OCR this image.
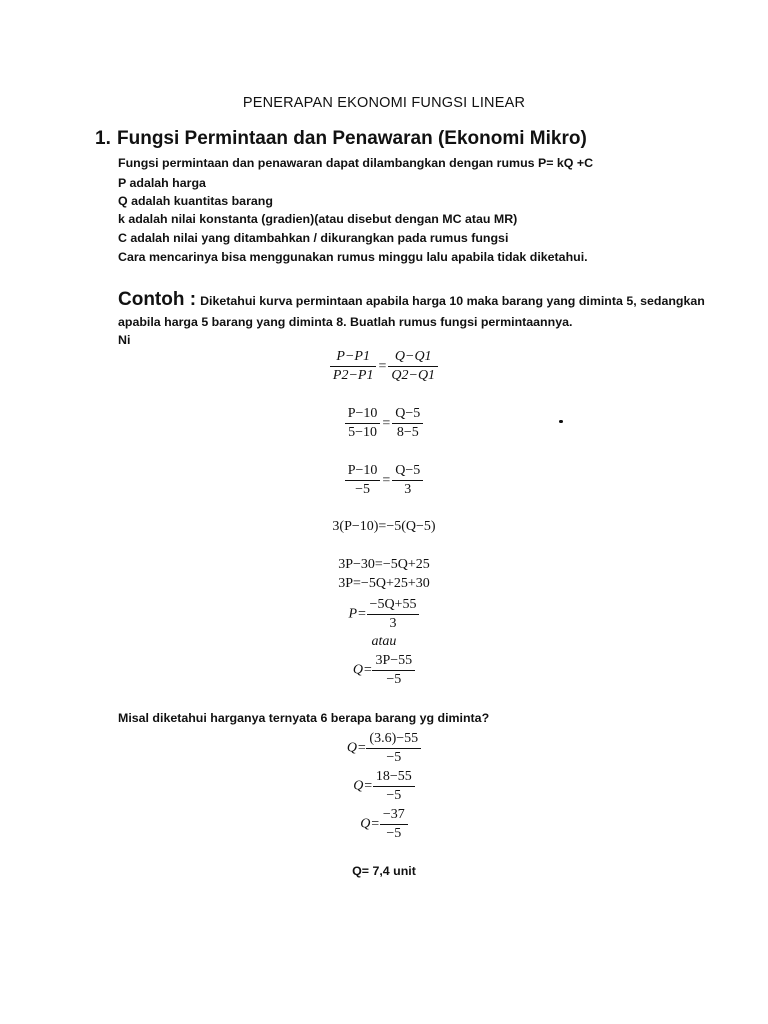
PENERAPAN EKONOMI FUNGSI LINEAR
1. Fungsi Permintaan dan Penawaran (Ekonomi Mikro)
Fungsi permintaan dan penawaran dapat dilambangkan dengan rumus P= kQ +C
P adalah harga
Q adalah kuantitas barang
k adalah nilai konstanta (gradien)(atau disebut dengan MC atau MR)
C adalah nilai yang ditambahkan / dikurangkan pada rumus fungsi
Cara mencarinya bisa menggunakan rumus minggu lalu apabila tidak diketahui.
Contoh : Diketahui kurva permintaan apabila harga 10 maka barang yang diminta 5, sedangkan
apabila harga 5 barang yang diminta 8. Buatlah rumus fungsi permintaannya.
Ni
$\frac{P-P1}{P2-P1} = \frac{Q-Q1}{Q2-Q1}$
$\frac{P-10}{5-10} = \frac{Q-5}{8-5}$
$\frac{P-10}{-5} = \frac{Q-5}{3}$
3(P−10)=−5(Q−5)
3P−30=−5Q+25
3P=−5Q+25+30
$P= \frac{-5Q+55}{3}$
atau
$Q= \frac{3P-55}{-5}$
Misal diketahui harganya ternyata 6 berapa barang yg diminta?
$Q= \frac{(3.6)-55}{-5}$
$Q= \frac{18-55}{-5}$
$Q= \frac{-37}{-5}$
Q= 7,4 unit
